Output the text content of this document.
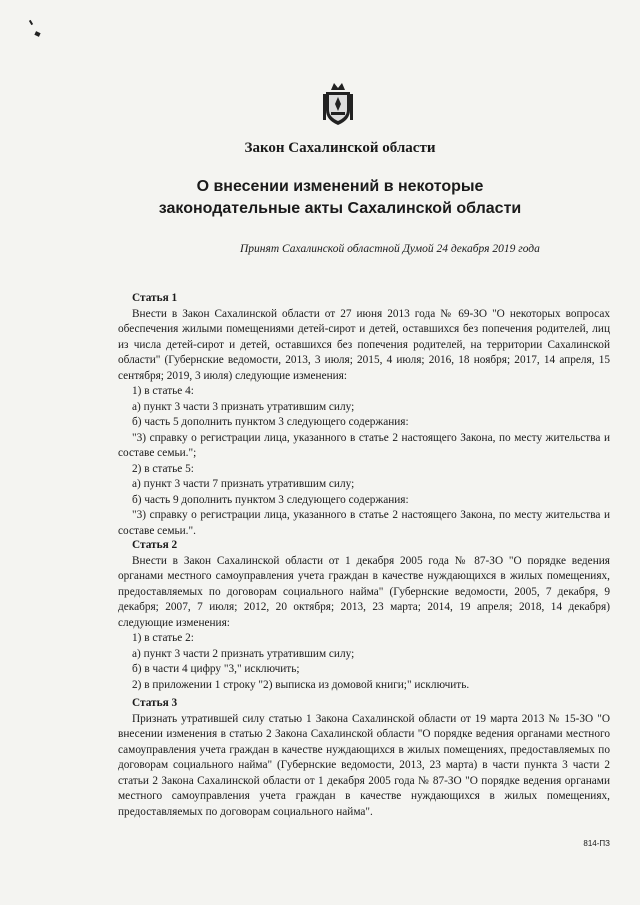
Закон Сахалинской области
О внесении изменений в некоторые
законодательные акты Сахалинской области
Принят Сахалинской областной Думой 24 декабря 2019 года
Статья 1
Внести в Закон Сахалинской области от 27 июня 2013 года № 69-ЗО "О некоторых вопросах обеспечения жилыми помещениями детей-сирот и детей, оставшихся без попечения родителей, лиц из числа детей-сирот и детей, оставшихся без попечения родителей, на территории Сахалинской области" (Губернские ведомости, 2013, 3 июля; 2015, 4 июля; 2016, 18 ноября; 2017, 14 апреля, 15 сентября; 2019, 3 июля) следующие изменения:
1) в статье 4:
а) пункт 3 части 3 признать утратившим силу;
б) часть 5 дополнить пунктом 3 следующего содержания:
"3) справку о регистрации лица, указанного в статье 2 настоящего Закона, по месту жительства и составе семьи.";
2) в статье 5:
а) пункт 3 части 7 признать утратившим силу;
б) часть 9 дополнить пунктом 3 следующего содержания:
"3) справку о регистрации лица, указанного в статье 2 настоящего Закона, по месту жительства и составе семьи.".
Статья 2
Внести в Закон Сахалинской области от 1 декабря 2005 года № 87-ЗО "О порядке ведения органами местного самоуправления учета граждан в качестве нуждающихся в жилых помещениях, предоставляемых по договорам социального найма" (Губернские ведомости, 2005, 7 декабря, 9 декабря; 2007, 7 июля; 2012, 20 октября; 2013, 23 марта; 2014, 19 апреля; 2018, 14 декабря) следующие изменения:
1) в статье 2:
а) пункт 3 части 2 признать утратившим силу;
б) в части 4 цифру "3," исключить;
2) в приложении 1 строку "2) выписка из домовой книги;" исключить.
Статья 3
Признать утратившей силу статью 1 Закона Сахалинской области от 19 марта 2013 № 15-ЗО "О внесении изменения в статью 2 Закона Сахалинской области "О порядке ведения органами местного самоуправления учета граждан в качестве нуждающихся в жилых помещениях, предоставляемых по договорам социального найма" (Губернские ведомости, 2013, 23 марта) в части пункта 3 части 2 статьи 2 Закона Сахалинской области от 1 декабря 2005 года № 87-ЗО "О порядке ведения органами местного самоуправления учета граждан в качестве нуждающихся в жилых помещениях, предоставляемых по договорам социального найма".
814-ПЗ
